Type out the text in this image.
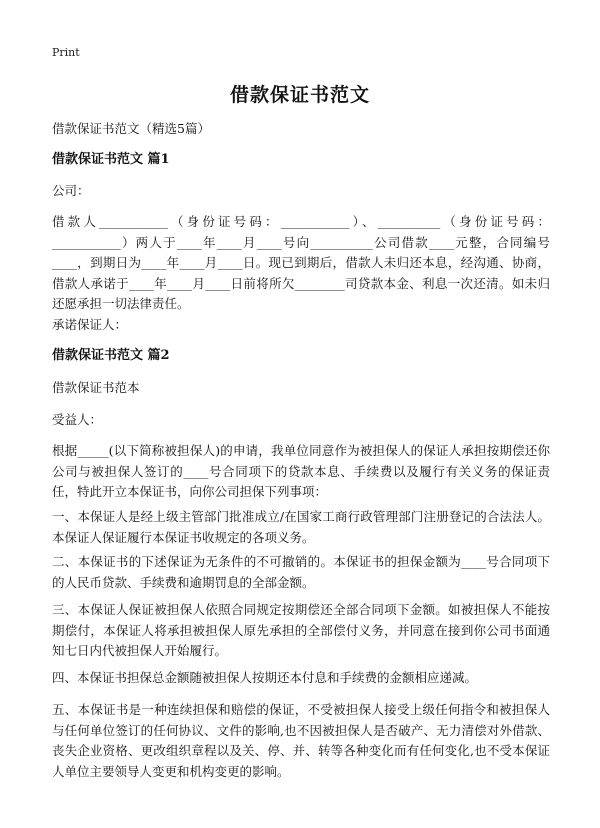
Print
借款保证书范文
借款保证书范文（精选5篇）
借款保证书范文 篇1
公司：
借款人___________（身份证号码：___________）、__________（身份证号码：___________）两人于____年____月____号向__________公司借款____元整，合同编号____，到期日为____年____月____日。现已到期后，借款人未归还本息，经沟通、协商，借款人承诺于____年____月____日前将所欠________司贷款本金、利息一次还清。如未归还愿承担一切法律责任。
承诺保证人：
借款保证书范文 篇2
借款保证书范本
受益人：
根据_____(以下简称被担保人)的申请，我单位同意作为被担保人的保证人承担按期偿还你公司与被担保人签订的____号合同项下的贷款本息、手续费以及履行有关义务的保证责任，特此开立本保证书，向你公司担保下列事项：
一、本保证人是经上级主管部门批准成立/在国家工商行政管理部门注册登记的合法法人。本保证人保证履行本保证书收规定的各项义务。
二、本保证书的下述保证为无条件的不可撤销的。本保证书的担保金额为____号合同项下的人民币贷款、手续费和逾期罚息的全部金额。
三、本保证人保证被担保人依照合同规定按期偿还全部合同项下金额。如被担保人不能按期偿付，本保证人将承担被担保人原先承担的全部偿付义务，并同意在接到你公司书面通知七日内代被担保人开始履行。
四、本保证书担保总金额随被担保人按期还本付息和手续费的金额相应递减。
五、本保证书是一种连续担保和赔偿的保证，不受被担保人接受上级任何指令和被担保人与任何单位签订的任何协议、文件的影响,也不因被担保人是否破产、无力清偿对外借款、丧失企业资格、更改组织章程以及关、停、并、转等各种变化而有任何变化,也不受本保证人单位主要领导人变更和机构变更的影响。
